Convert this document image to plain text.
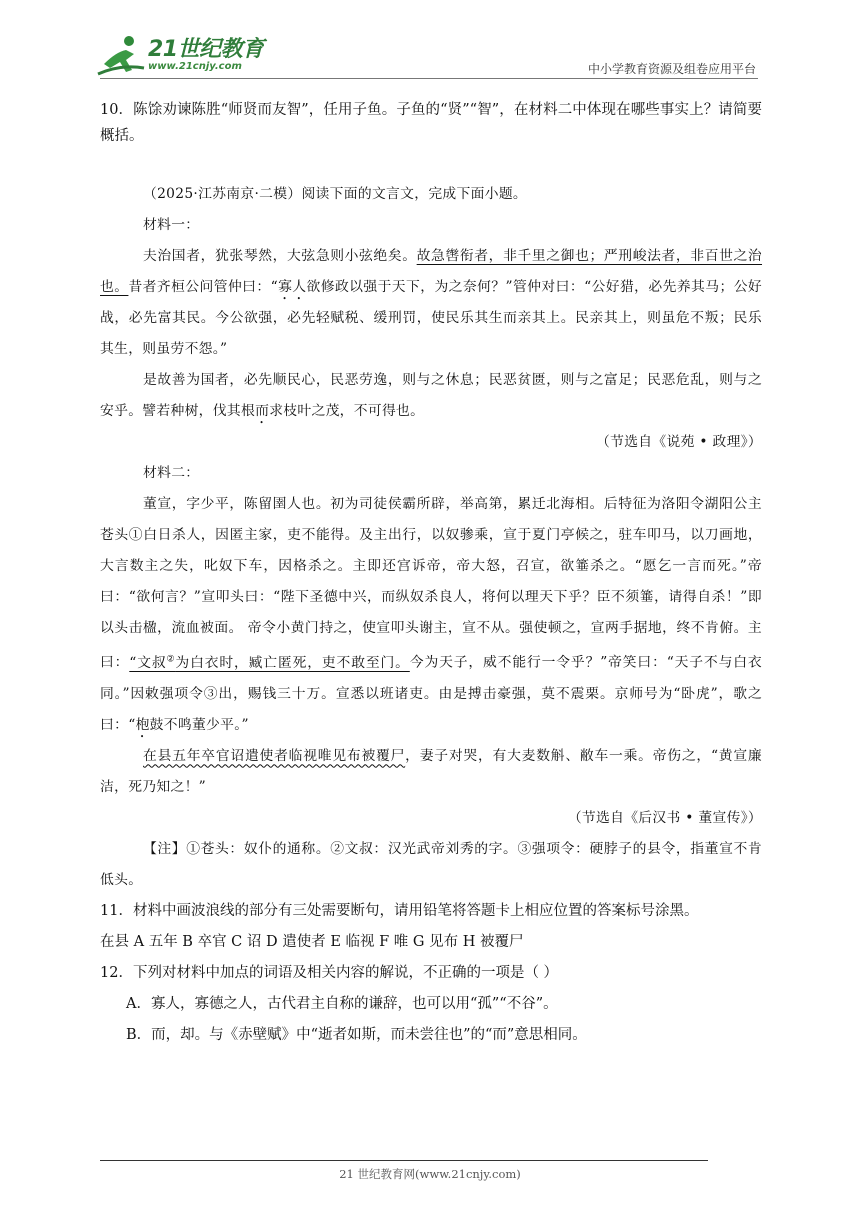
21世纪教育
www.21cnjy.com	中小学教育资源及组卷应用平台

10．陈馀劝谏陈胜“师贤而友智”，任用子鱼。子鱼的“贤”“智”，在材料二中体现在哪些事实上？请简要概括。

（2025·江苏南京·二模）阅读下面的文言文，完成下面小题。

材料一：

夫治国者，犹张琴然，大弦急则小弦绝矣。故急辔衔者，非千里之御也；严刑峻法者，非百世之治也。昔者齐桓公问管仲曰：“寡人欲修政以强于天下，为之奈何？”管仲对曰：“公好猎，必先养其马；公好战，必先富其民。今公欲强，必先轻赋税、缓刑罚，使民乐其生而亲其上。民亲其上，则虽危不叛；民乐其生，则虽劳不怨。”

是故善为国者，必先顺民心，民恶劳逸，则与之休息；民恶贫匮，则与之富足；民恶危乱，则与之安乎。譬若种树，伐其根而求枝叶之茂，不可得也。

（节选自《说苑 • 政理》）

材料二：

董宣，字少平，陈留圉人也。初为司徒侯霸所辟，举高第，累迁北海相。后特征为洛阳令湖阳公主苍头①白日杀人，因匿主家，吏不能得。及主出行，以奴骖乘，宣于夏门亭候之，驻车叩马，以刀画地，大言数主之失，叱奴下车，因格杀之。主即还宫诉帝，帝大怒，召宣，欲箠杀之。“愿乞一言而死。”帝曰：“欲何言？”宣叩头曰：“陛下圣德中兴，而纵奴杀良人，将何以理天下乎？臣不须箠，请得自杀！”即以头击楹，流血被面。 帝令小黄门持之，使宣叩头谢主，宣不从。强使顿之，宣两手据地，终不肯俯。主曰：“文叔②为白衣时，臧亡匿死，吏不敢至门。今为天子，威不能行一令乎？”帝笑曰：“天子不与白衣同。”因敕强项令③出，赐钱三十万。宣悉以班诸吏。由是搏击豪强，莫不震栗。京师号为“卧虎”，歌之曰：“枹鼓不鸣董少平。”

在县五年卒官诏遣使者临视唯见布被覆尸，妻子对哭，有大麦数斛、敝车一乘。帝伤之，“黄宣廉洁，死乃知之！”

（节选自《后汉书 • 董宣传》）

【注】①苍头：奴仆的通称。②文叔：汉光武帝刘秀的字。③强项令：硬脖子的县令，指董宣不肯低头。

11．材料中画波浪线的部分有三处需要断句，请用铅笔将答题卡上相应位置的答案标号涂黑。

在县 A 五年 B 卒官 C 诏 D 遣使者 E 临视 F 唯 G 见布 H 被覆尸

12．下列对材料中加点的词语及相关内容的解说，不正确的一项是（ ）

A．寡人，寡德之人，古代君主自称的谦辞，也可以用“孤”“不谷”。

B．而，却。与《赤壁赋》中“逝者如斯，而未尝往也”的“而”意思相同。

21 世纪教育网(www.21cnjy.com)
